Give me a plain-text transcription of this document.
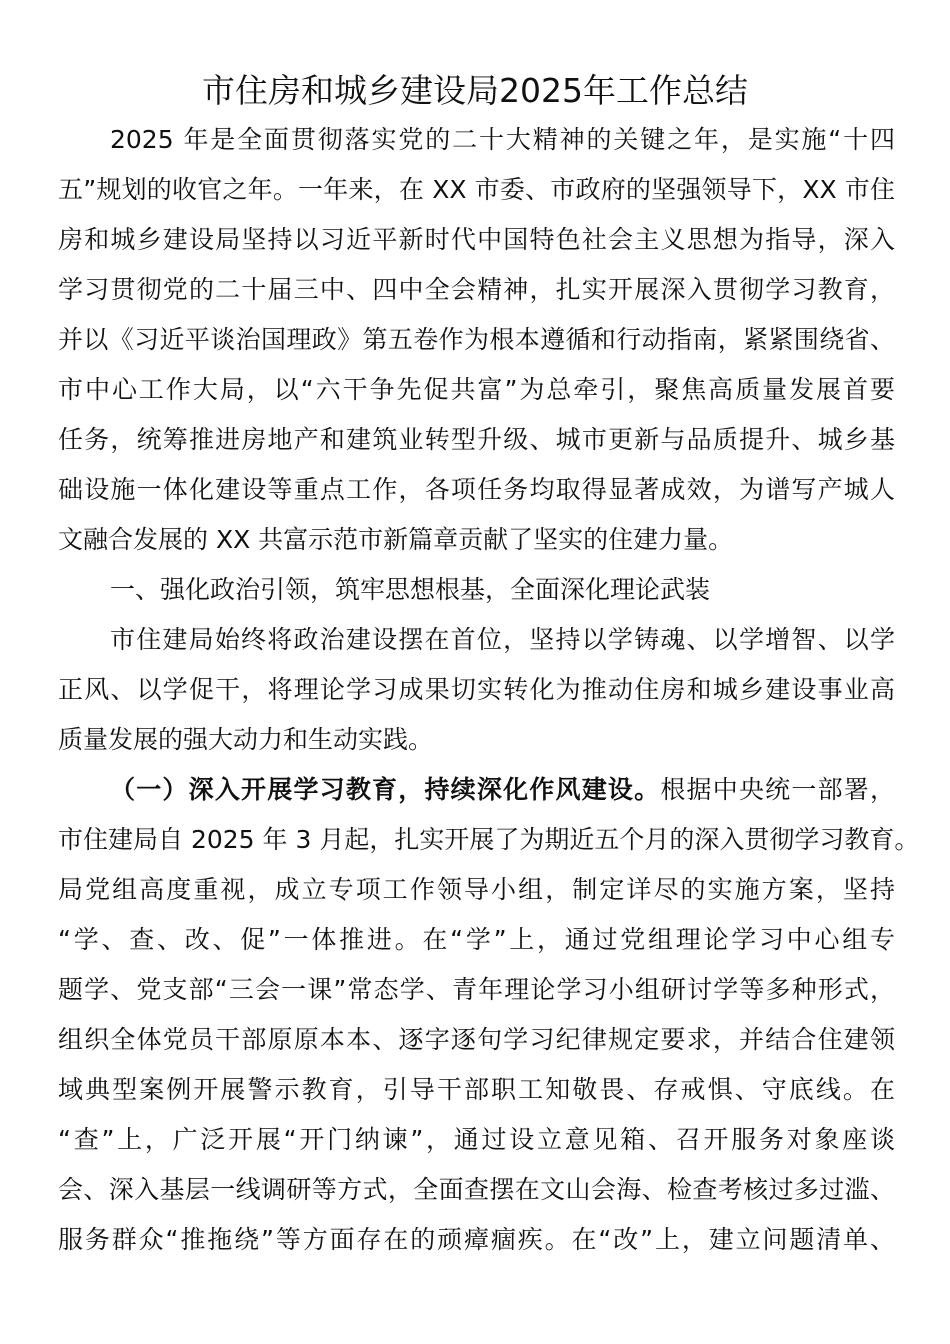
市住房和城乡建设局2025年工作总结
2025 年是全面贯彻落实党的二十大精神的关键之年，是实施“十四
五”规划的收官之年。一年来，在 XX 市委、市政府的坚强领导下，XX 市住
房和城乡建设局坚持以习近平新时代中国特色社会主义思想为指导，深入
学习贯彻党的二十届三中、四中全会精神，扎实开展深入贯彻学习教育，
并以《习近平谈治国理政》第五卷作为根本遵循和行动指南，紧紧围绕省、
市中心工作大局，以“六干争先促共富”为总牵引，聚焦高质量发展首要
任务，统筹推进房地产和建筑业转型升级、城市更新与品质提升、城乡基
础设施一体化建设等重点工作，各项任务均取得显著成效，为谱写产城人
文融合发展的 XX 共富示范市新篇章贡献了坚实的住建力量。
一、强化政治引领，筑牢思想根基，全面深化理论武装
市住建局始终将政治建设摆在首位，坚持以学铸魂、以学增智、以学
正风、以学促干，将理论学习成果切实转化为推动住房和城乡建设事业高
质量发展的强大动力和生动实践。
（一）深入开展学习教育，持续深化作风建设。根据中央统一部署，
市住建局自 2025 年 3 月起，扎实开展了为期近五个月的深入贯彻学习教育。
局党组高度重视，成立专项工作领导小组，制定详尽的实施方案，坚持
“学、查、改、促”一体推进。在“学”上，通过党组理论学习中心组专
题学、党支部“三会一课”常态学、青年理论学习小组研讨学等多种形式，
组织全体党员干部原原本本、逐字逐句学习纪律规定要求，并结合住建领
域典型案例开展警示教育，引导干部职工知敬畏、存戒惧、守底线。在
“查”上，广泛开展“开门纳谏”，通过设立意见箱、召开服务对象座谈
会、深入基层一线调研等方式，全面查摆在文山会海、检查考核过多过滥、
服务群众“推拖绕”等方面存在的顽瘴痼疾。在“改”上，建立问题清单、
